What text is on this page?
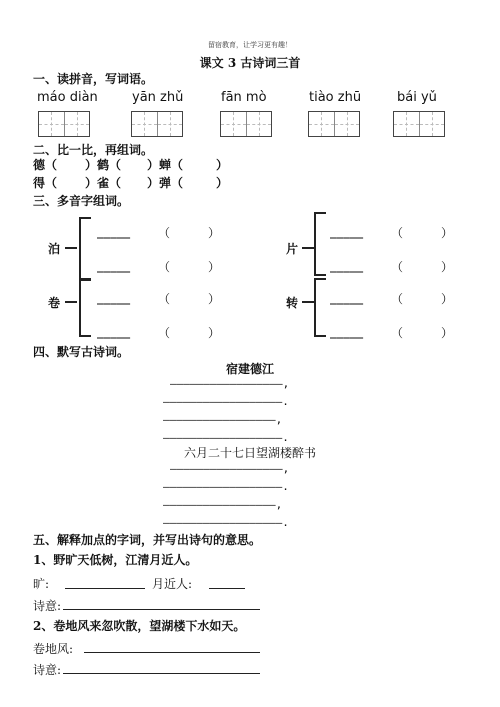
留宿教育，让学习更有趣！
课文 3 古诗词三首
一、读拼音，写词语。
máo diàn	yān zhǔ	fān mò	tiào zhū	bái yǔ
二、比一比，再组词。
德（ ）鹤（ ）蝉（	）
得（ ）雀（ ）弹（	）
三、多音字组词。
泊
_____ （	）
_____ （	）
片
_____ （	）
_____ （	）
卷	_____ （	）
_____ （	）
转	_____ （	）
_____ （	）
四、默写古诗词。
宿建德江
—————————————————,
——————————————————.
—————————————————,
——————————————————.
六月二十七日望湖楼醉书
—————————————————,
——————————————————.
—————————————————,
——————————————————.
五、解释加点的字词，并写出诗句的意思。
1、野旷天低树，江清月近人。
旷:	月近人:
诗意:
2、卷地风来忽吹散，望湖楼下水如天。
卷地风:
诗意:
